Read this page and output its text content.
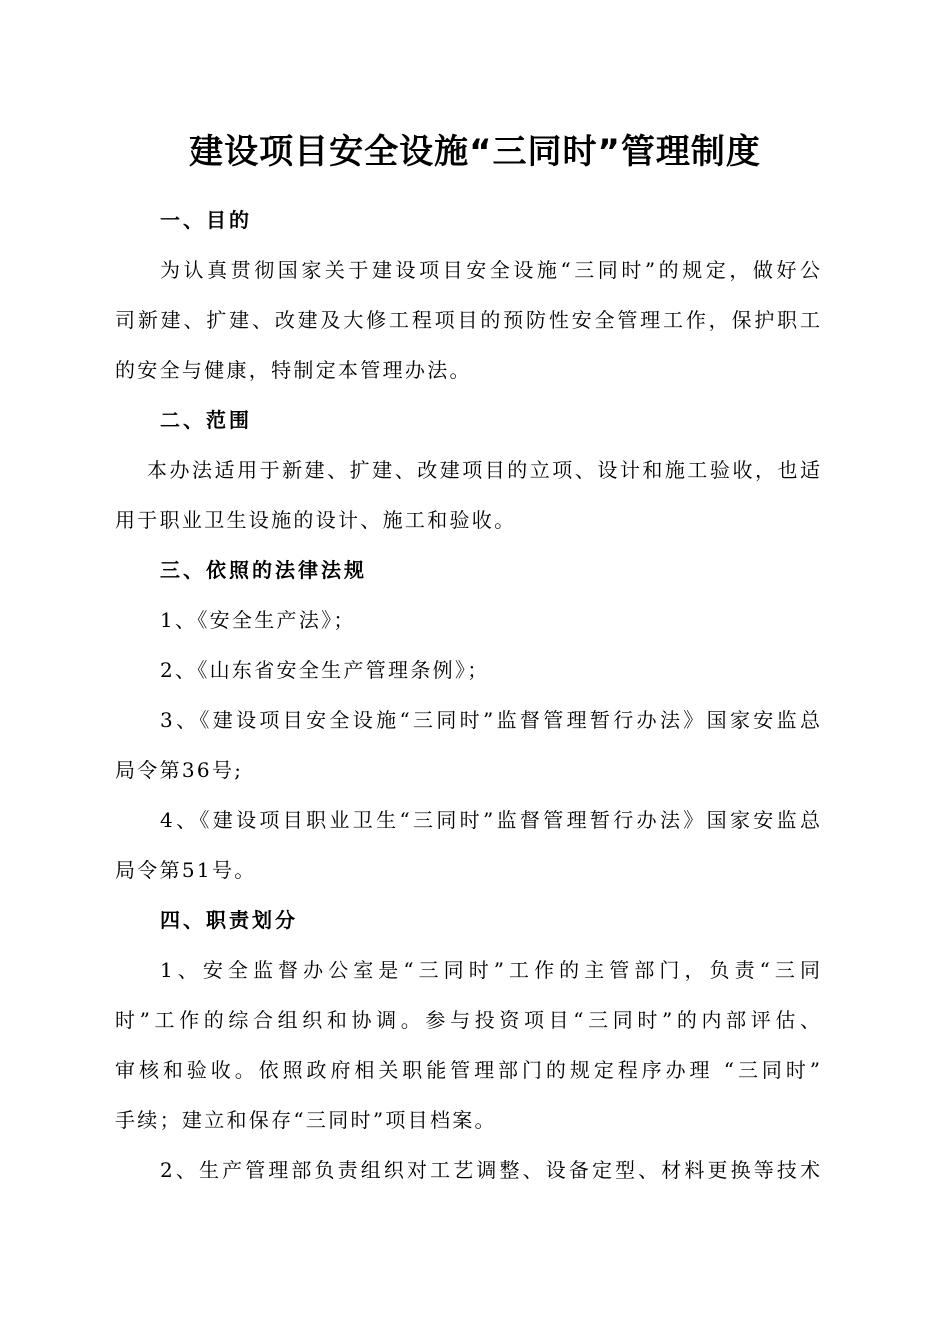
建设项目安全设施“三同时”管理制度
一、目的
为认真贯彻国家关于建设项目安全设施“三同时”的规定，做好公
司新建、扩建、改建及大修工程项目的预防性安全管理工作，保护职工
的安全与健康，特制定本管理办法。
二、范围
本办法适用于新建、扩建、改建项目的立项、设计和施工验收，也适
用于职业卫生设施的设计、施工和验收。
三、依照的法律法规
1、《安全生产法》；
2、《山东省安全生产管理条例》；
3、《建设项目安全设施“三同时”监督管理暂行办法》国家安监总
局令第36号;
4、《建设项目职业卫生“三同时”监督管理暂行办法》国家安监总
局令第51号。
四、职责划分
1、安全监督办公室是“三同时”工作的主管部门，负责“三同
时”工作的综合组织和协调。参与投资项目“三同时”的内部评估、
审核和验收。依照政府相关职能管理部门的规定程序办理 “三同时”
手续；建立和保存“三同时”项目档案。
2、生产管理部负责组织对工艺调整、设备定型、材料更换等技术
